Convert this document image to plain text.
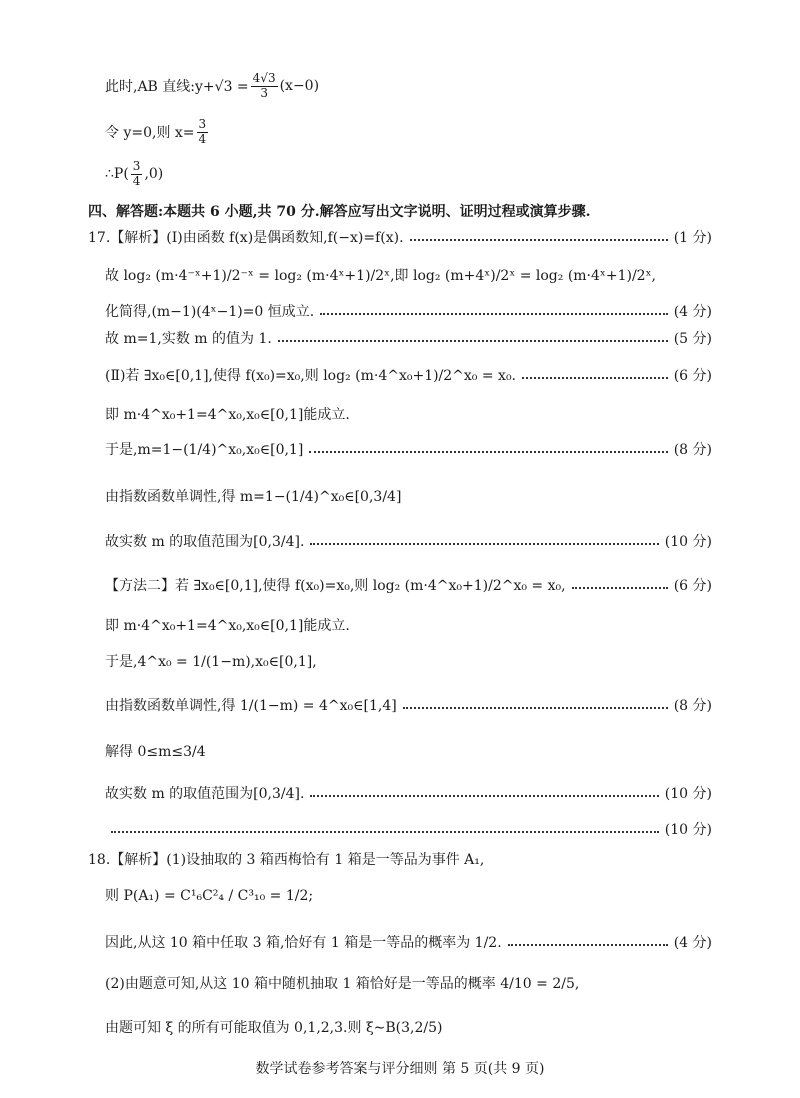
此时,AB 直线:y+√3 = $\frac{4√3}{3} (x-0)$
令 y=0,则 $x= \frac{3}{4}$
∴P( $\frac{3}{4} ,0$)
四、解答题:本题共 6 小题,共 70 分.解答应写出文字说明、证明过程或演算步骤.
17.【解析】(Ⅰ)由函数 f(x)是偶函数知,f(−x)=f(x).	(1 分)
故 log₂ (m·4⁻ˣ+1)/2⁻ˣ = log₂ (m·4ˣ+1)/2ˣ,即 log₂ (m+4ˣ)/2ˣ = log₂ (m·4ˣ+1)/2ˣ,
化简得,(m−1)(4ˣ−1)=0 恒成立.	(4 分)
故 m=1,实数 m 的值为 1.	(5 分)
(Ⅱ)若 ∃x₀∈[0,1],使得 f(x₀)=x₀,则 log₂ (m·4^x₀+1)/2^x₀ = x₀.	(6 分)
即 m·4^x₀+1=4^x₀,x₀∈[0,1]能成立.
于是,m=1−(1/4)^x₀,x₀∈[0,1]	(8 分)
由指数函数单调性,得 m=1−(1/4)^x₀∈[0,3/4]
故实数 m 的取值范围为[0,3/4].	(10 分)
【方法二】若 ∃x₀∈[0,1],使得 f(x₀)=x₀,则 log₂ (m·4^x₀+1)/2^x₀ = x₀,	(6 分)
即 m·4^x₀+1=4^x₀,x₀∈[0,1]能成立.
于是,4^x₀ = 1/(1−m),x₀∈[0,1],
由指数函数单调性,得 1/(1−m) = 4^x₀∈[1,4]	(8 分)
解得 0≤m≤3/4
故实数 m 的取值范围为[0,3/4].	(10 分)
(10 分)
18.【解析】(1)设抽取的 3 箱西梅恰有 1 箱是一等品为事件 A₁,
则 P(A₁) = C¹₆C²₄ / C³₁₀ = 1/2;
因此,从这 10 箱中任取 3 箱,恰好有 1 箱是一等品的概率为 1/2.	(4 分)
(2)由题意可知,从这 10 箱中随机抽取 1 箱恰好是一等品的概率 4/10 = 2/5,
由题可知 ξ 的所有可能取值为 0,1,2,3.则 ξ∼B(3,2/5)
数学试卷参考答案与评分细则 第 5 页(共 9 页)
